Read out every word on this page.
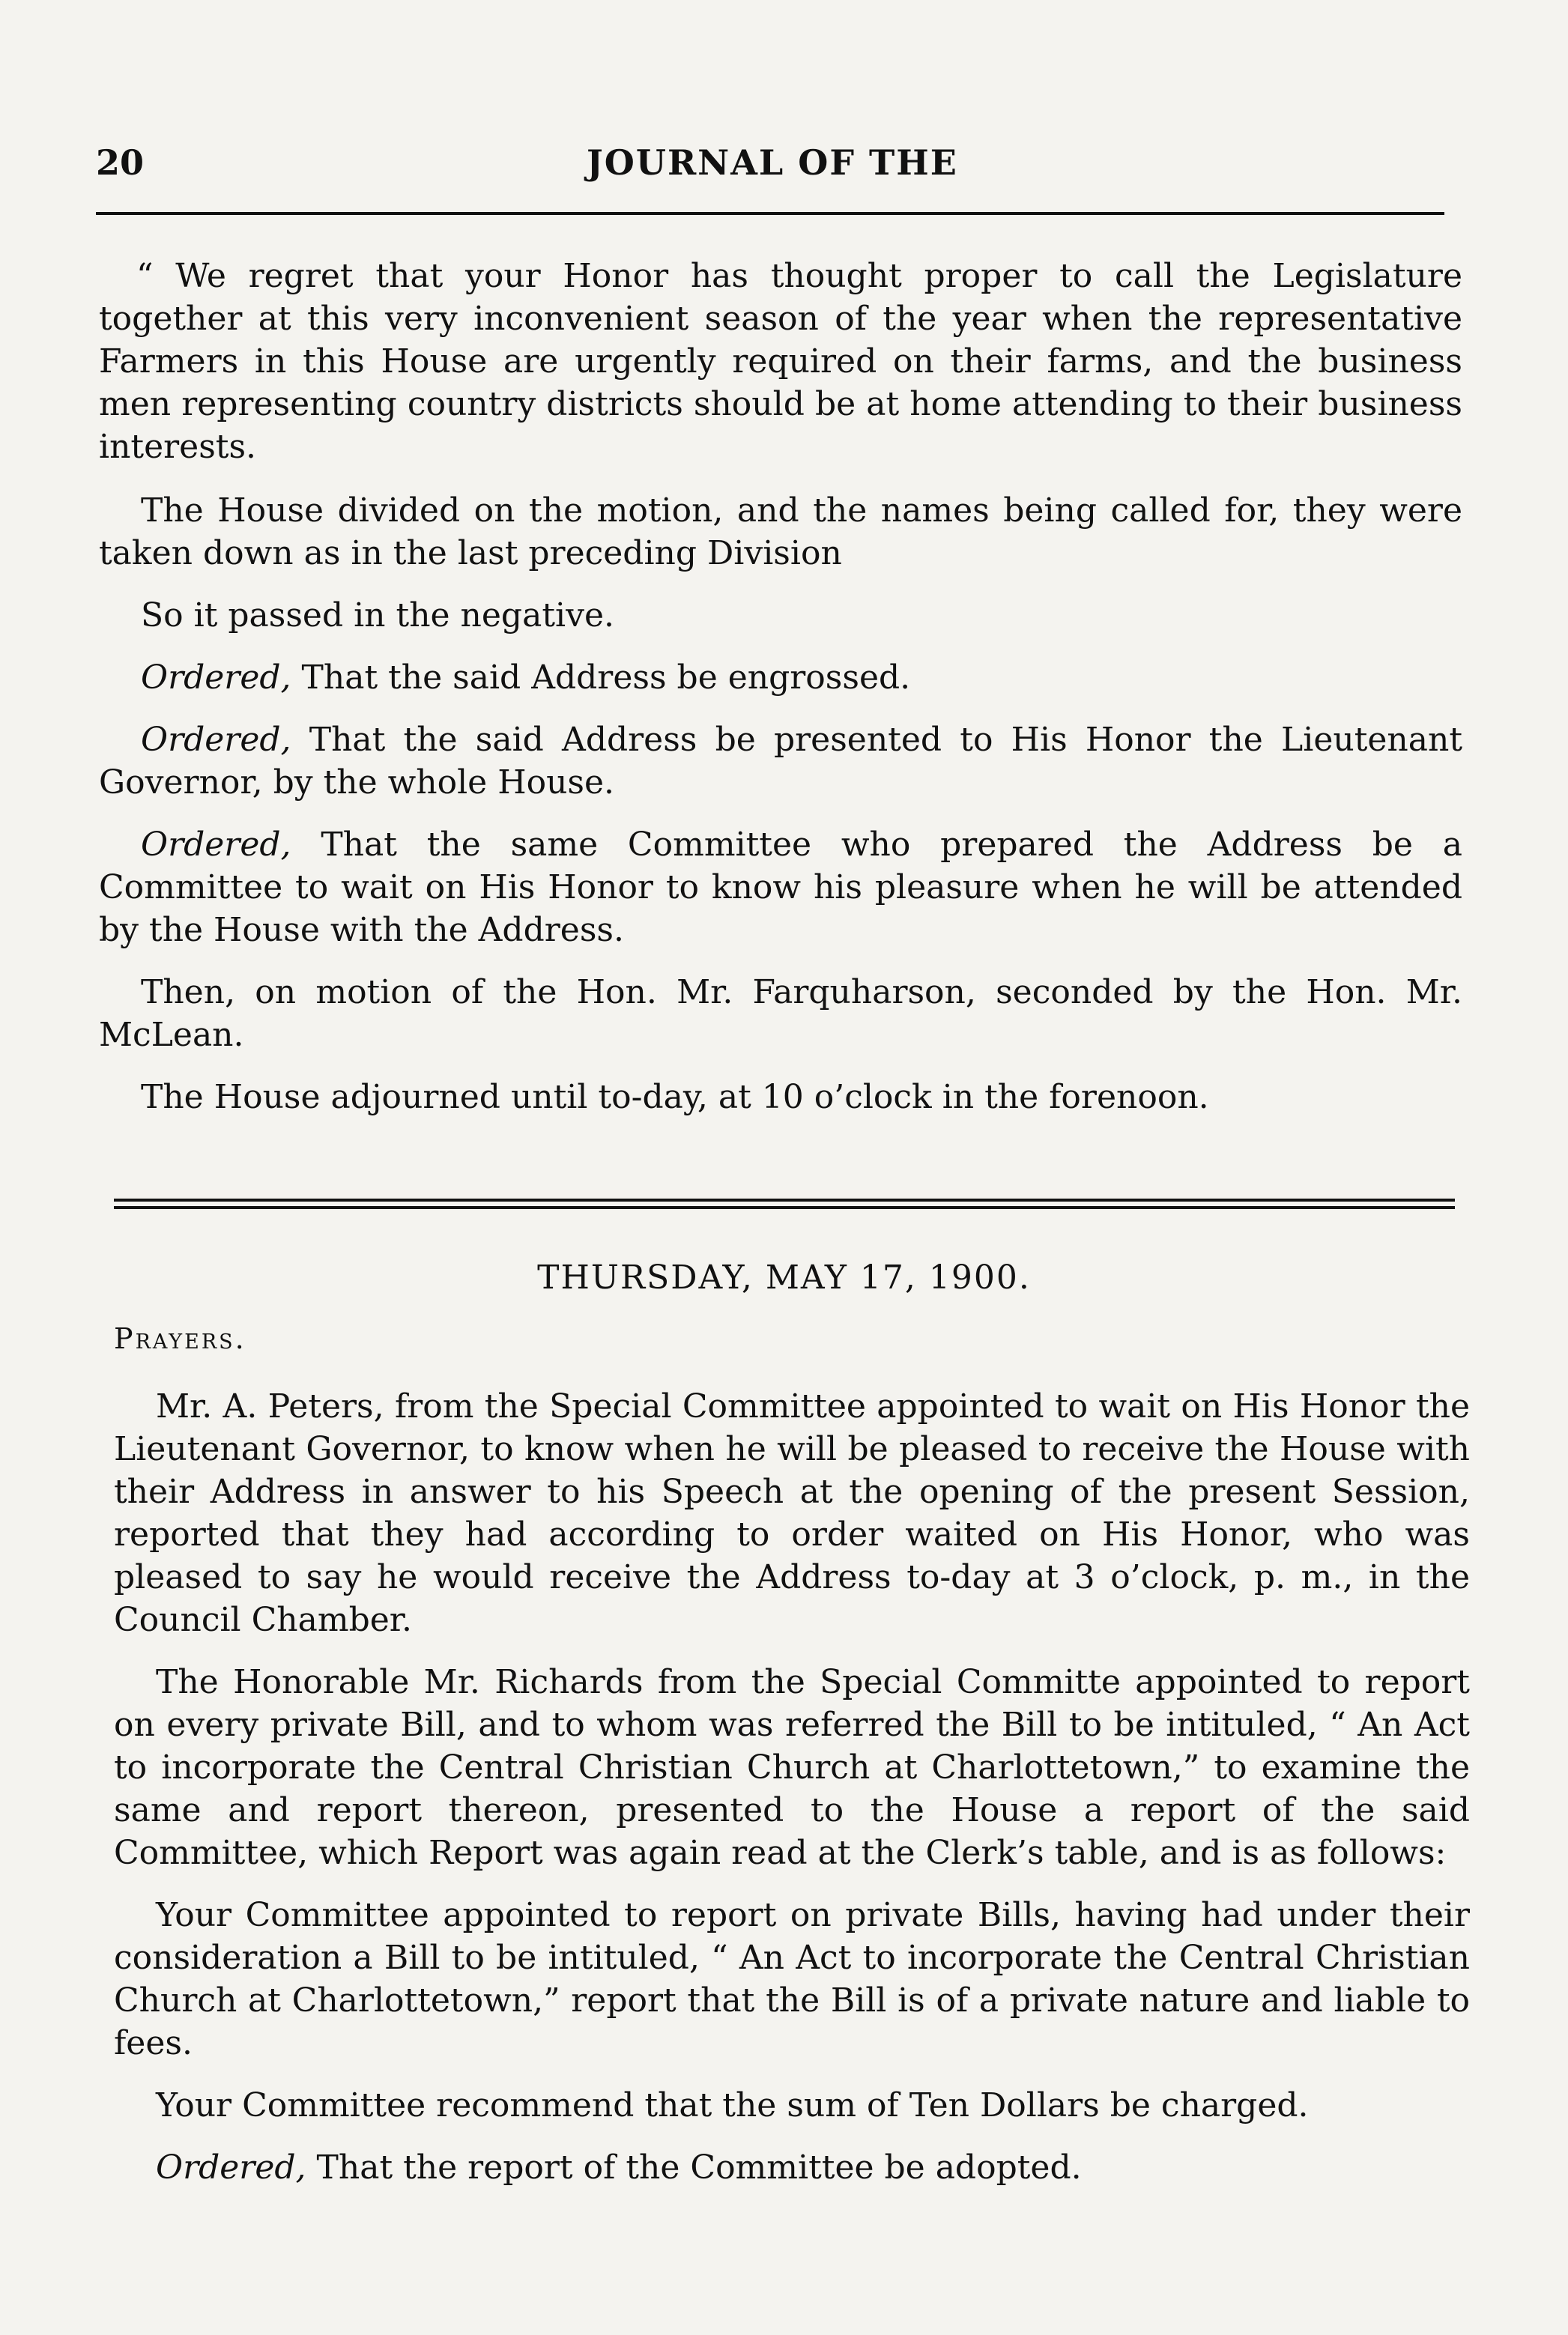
20	JOURNAL OF THE

“ We regret that your Honor has thought proper to call the Legislature together at this very inconvenient season of the year when the representative Farmers in this House are urgently required on their farms, and the business men representing country districts should be at home attending to their business interests.

The House divided on the motion, and the names being called for, they were taken down as in the last preceding Division

So it passed in the negative.

Ordered, That the said Address be engrossed.

Ordered, That the said Address be presented to His Honor the Lieutenant Governor, by the whole House.

Ordered, That the same Committee who prepared the Address be a Committee to wait on His Honor to know his pleasure when he will be attended by the House with the Address.

Then, on motion of the Hon. Mr. Farquharson, seconded by the Hon. Mr. McLean.

The House adjourned until to-day, at 10 o’clock in the forenoon.

THURSDAY, MAY 17, 1900.

Prayers.

Mr. A. Peters, from the Special Committee appointed to wait on His Honor the Lieutenant Governor, to know when he will be pleased to receive the House with their Address in answer to his Speech at the opening of the present Session, reported that they had according to order waited on His Honor, who was pleased to say he would receive the Address to-day at 3 o’clock, p. m., in the Council Chamber.

The Honorable Mr. Richards from the Special Committe appointed to report on every private Bill, and to whom was referred the Bill to be intituled, “ An Act to incorporate the Central Christian Church at Charlottetown,” to examine the same and report thereon, presented to the House a report of the said Committee, which Report was again read at the Clerk’s table, and is as follows:

Your Committee appointed to report on private Bills, having had under their consideration a Bill to be intituled, “ An Act to incorporate the Central Christian Church at Charlottetown,” report that the Bill is of a private nature and liable to fees.

Your Committee recommend that the sum of Ten Dollars be charged.

Ordered, That the report of the Committee be adopted.
